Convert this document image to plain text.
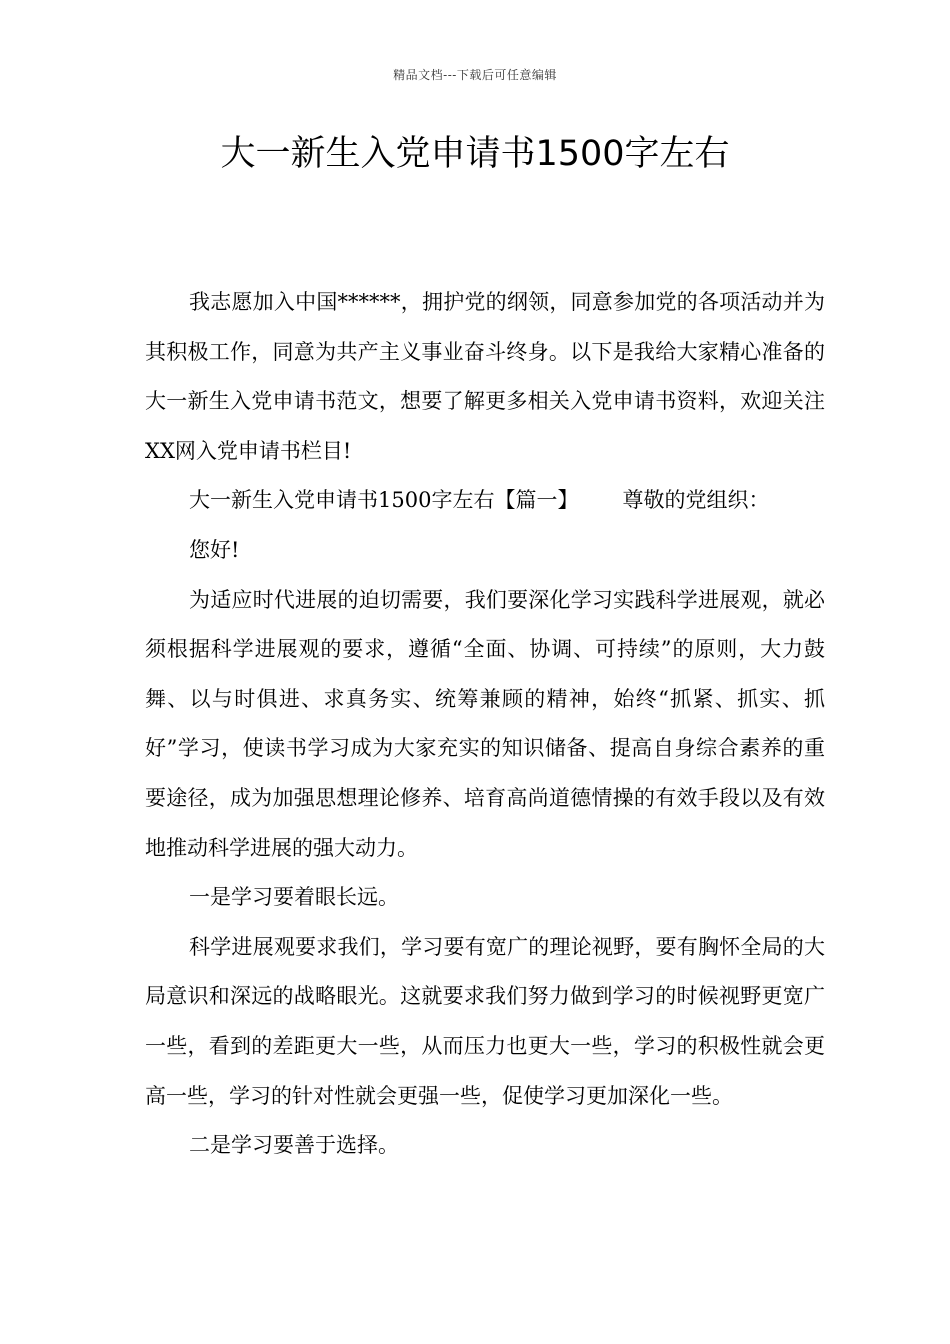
精品文档---下载后可任意编辑
大一新生入党申请书1500字左右

我志愿加入中国******，拥护党的纲领，同意参加党的各项活动并为其积极工作，同意为共产主义事业奋斗终身。以下是我给大家精心准备的大一新生入党申请书范文，想要了解更多相关入党申请书资料，欢迎关注XX网入党申请书栏目!

大一新生入党申请书1500字左右【篇一】 尊敬的党组织：

您好!

为适应时代进展的迫切需要，我们要深化学习实践科学进展观，就必须根据科学进展观的要求，遵循“全面、协调、可持续”的原则，大力鼓舞、以与时俱进、求真务实、统筹兼顾的精神，始终“抓紧、抓实、抓好”学习，使读书学习成为大家充实的知识储备、提高自身综合素养的重要途径，成为加强思想理论修养、培育高尚道德情操的有效手段以及有效地推动科学进展的强大动力。

一是学习要着眼长远。

科学进展观要求我们，学习要有宽广的理论视野，要有胸怀全局的大局意识和深远的战略眼光。这就要求我们努力做到学习的时候视野更宽广一些，看到的差距更大一些，从而压力也更大一些，学习的积极性就会更高一些，学习的针对性就会更强一些，促使学习更加深化一些。

二是学习要善于选择。
